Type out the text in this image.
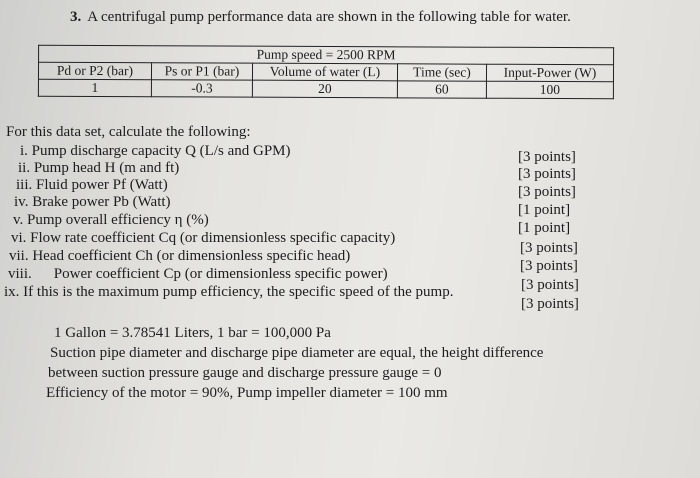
3. A centrifugal pump performance data are shown in the following table for water.
Pump speed = 2500 RPM				
Pd or P2 (bar)	Ps or P1 (bar)	Volume of water (L)	Time (sec)	Input-Power (W)
1	-0.3	20	60	100
For this data set, calculate the following:
i. Pump discharge capacity Q (L/s and GPM)
ii. Pump head H (m and ft)
iii. Fluid power Pf (Watt)
iv. Brake power Pb (Watt)
v. Pump overall efficiency η (%)
vi. Flow rate coefficient Cq (or dimensionless specific capacity)
vii. Head coefficient Ch (or dimensionless specific head)
viii. Power coefficient Cp (or dimensionless specific power)
ix. If this is the maximum pump efficiency, the specific speed of the pump.
[3 points]
[3 points]
[3 points]
[1 point]
[1 point]
[3 points]
[3 points]
[3 points]
[3 points]
1 Gallon = 3.78541 Liters, 1 bar = 100,000 Pa
Suction pipe diameter and discharge pipe diameter are equal, the height difference
between suction pressure gauge and discharge pressure gauge = 0
Efficiency of the motor = 90%, Pump impeller diameter = 100 mm
